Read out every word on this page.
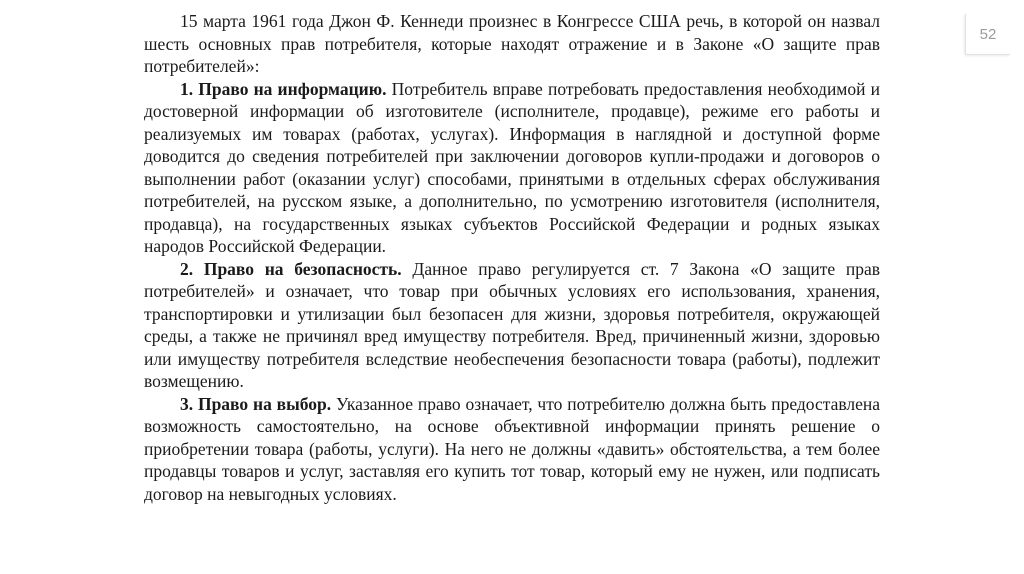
52

15 марта 1961 года Джон Ф. Кеннеди произнес в Конгрессе США речь, в которой он назвал шесть основных прав потребителя, которые находят отражение и в Законе «О защите прав потребителей»:

1. Право на информацию. Потребитель вправе потребовать предоставления необходимой и достоверной информации об изготовителе (исполнителе, продавце), режиме его работы и реализуемых им товарах (работах, услугах). Информация в наглядной и доступной форме доводится до сведения потребителей при заключении договоров купли-продажи и договоров о выполнении работ (оказании услуг) способами, принятыми в отдельных сферах обслуживания потребителей, на русском языке, а дополнительно, по усмотрению изготовителя (исполнителя, продавца), на государственных языках субъектов Российской Федерации и родных языках народов Российской Федерации.

2. Право на безопасность. Данное право регулируется ст. 7 Закона «О защите прав потребителей» и означает, что товар при обычных условиях его использования, хранения, транспортировки и утилизации был безопасен для жизни, здоровья потребителя, окружающей среды, а также не причинял вред имуществу потребителя. Вред, причиненный жизни, здоровью или имуществу потребителя вследствие необеспечения безопасности товара (работы), подлежит возмещению.

3. Право на выбор. Указанное право означает, что потребителю должна быть предоставлена возможность самостоятельно, на основе объективной информации принять решение о приобретении товара (работы, услуги). На него не должны «давить» обстоятельства, а тем более продавцы товаров и услуг, заставляя его купить тот товар, который ему не нужен, или подписать договор на невыгодных условиях.
